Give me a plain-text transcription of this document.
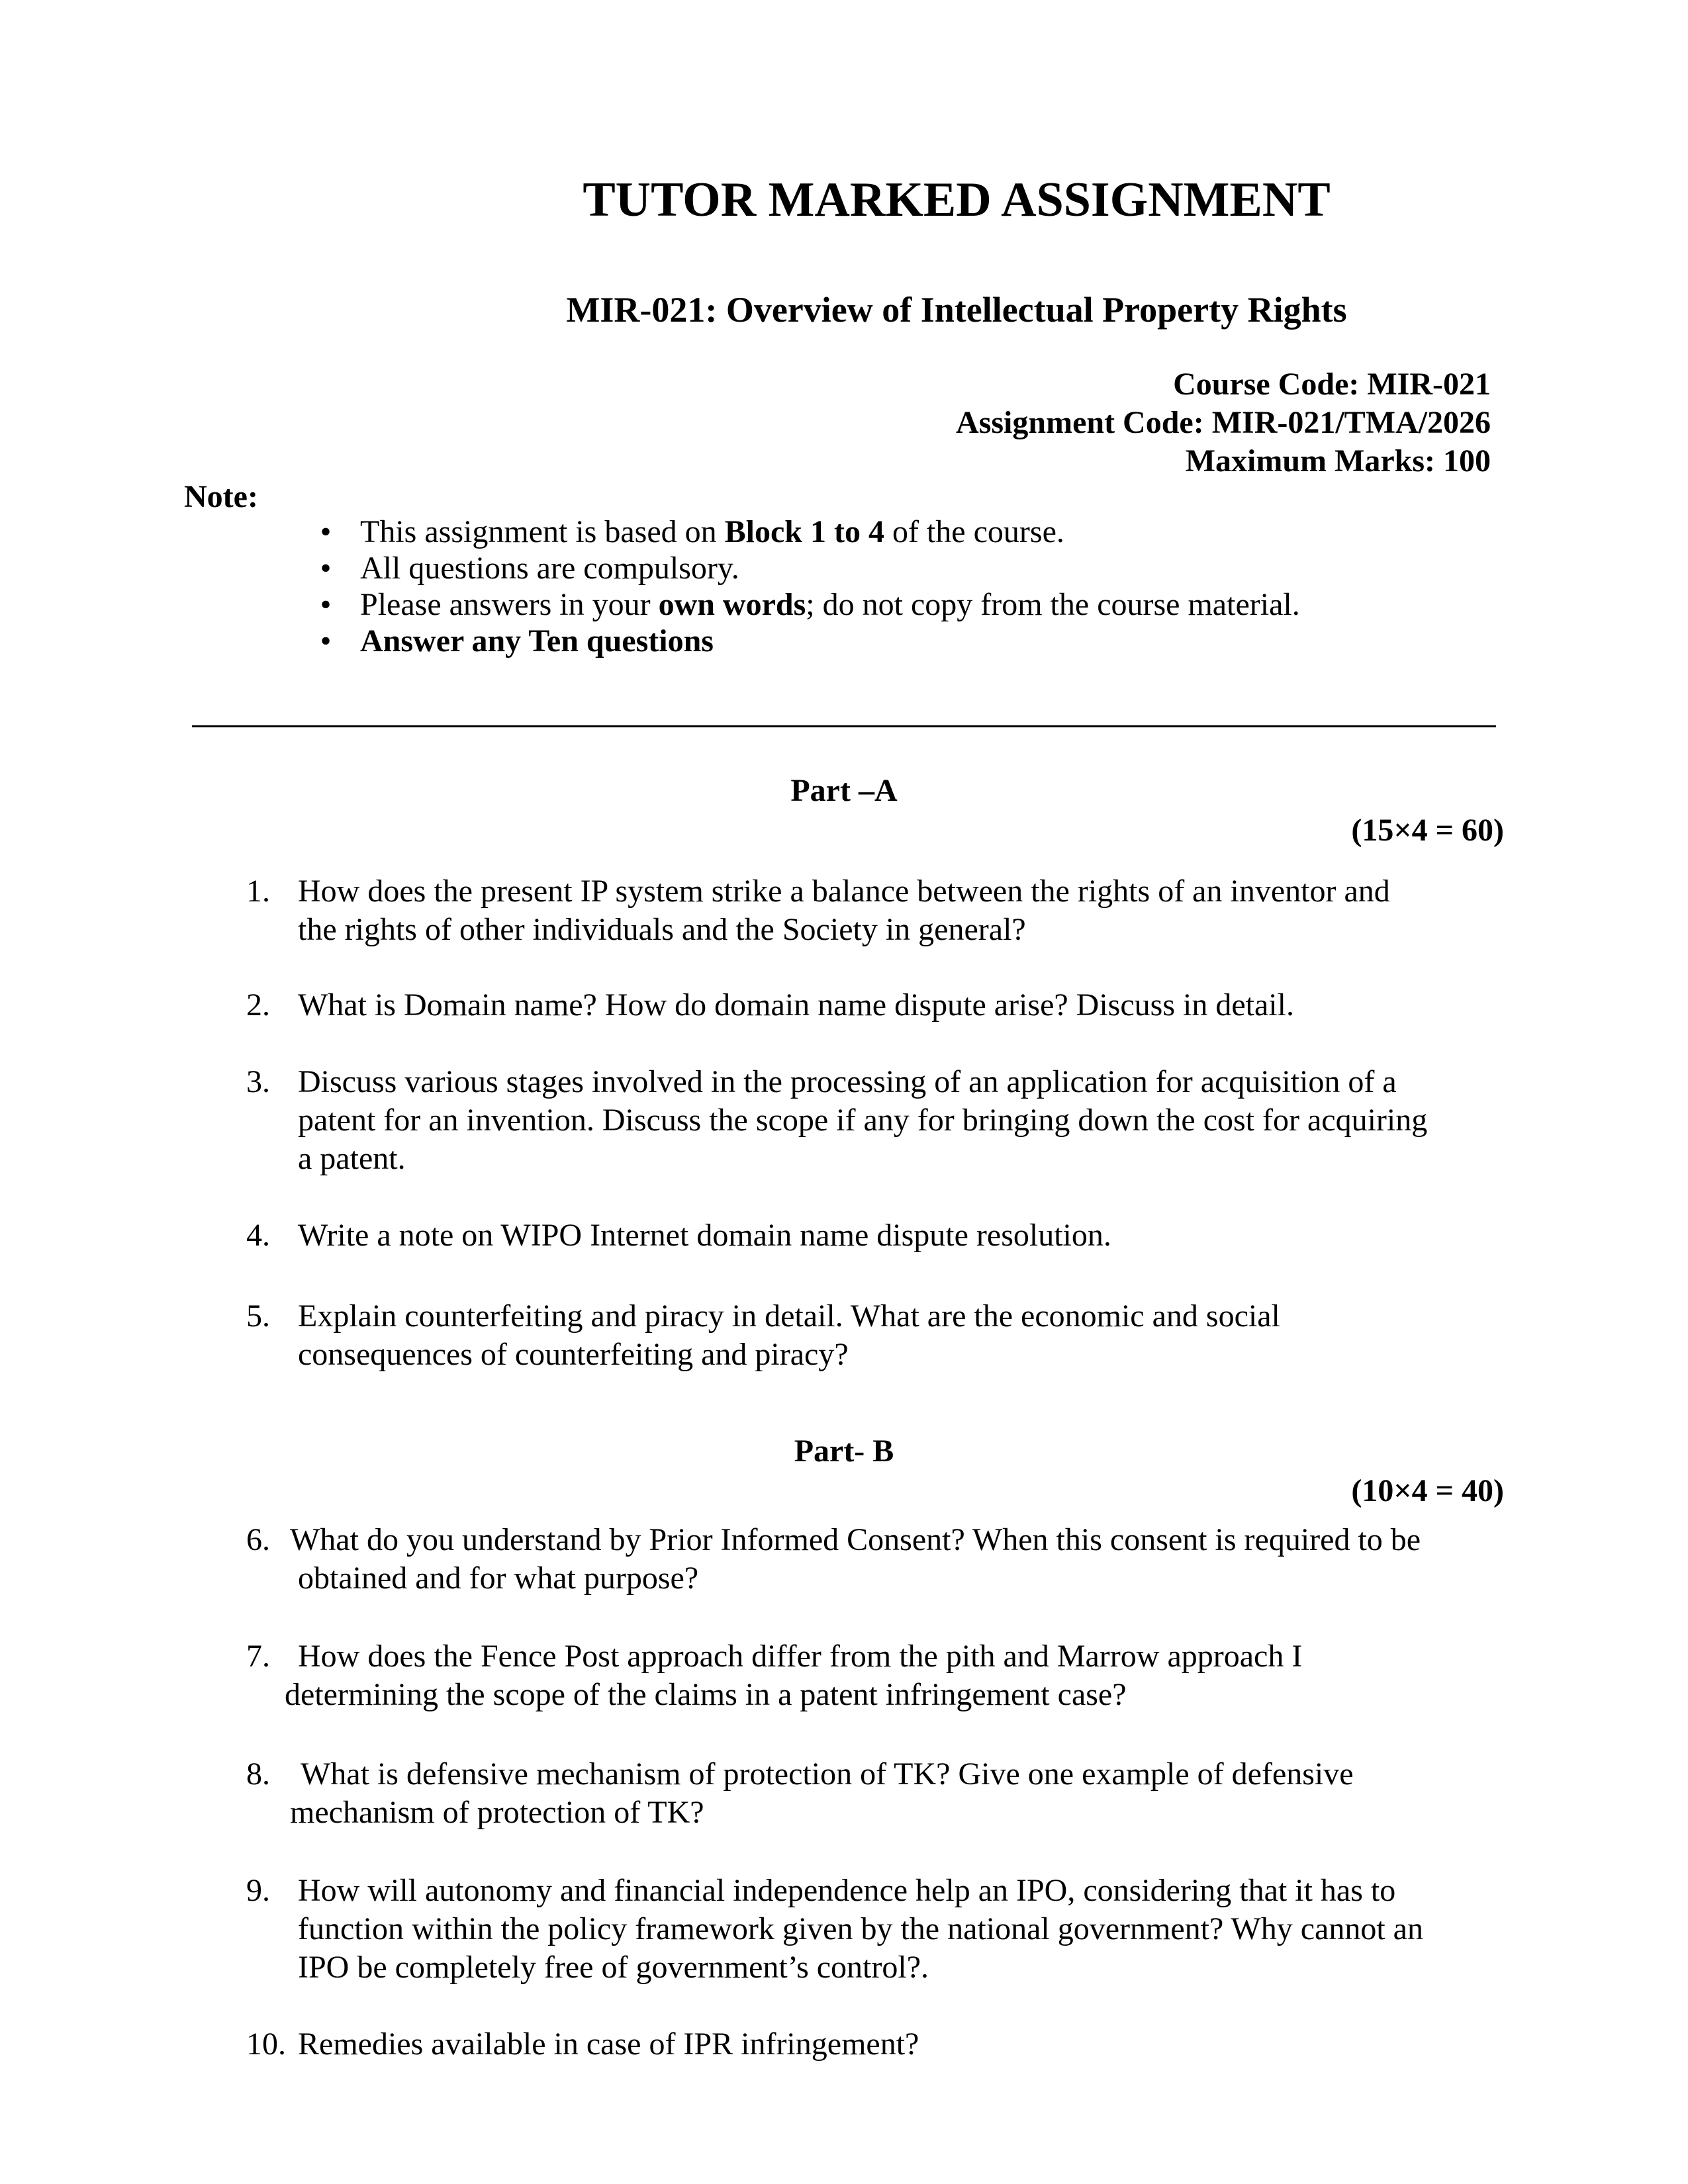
TUTOR MARKED ASSIGNMENT
MIR-021: Overview of Intellectual Property Rights
Course Code: MIR-021
Assignment Code: MIR-021/TMA/2026
Maximum Marks: 100
Note:
• This assignment is based on Block 1 to 4 of the course.
• All questions are compulsory.
• Please answers in your own words; do not copy from the course material.
• Answer any Ten questions
Part –A
(15×4 = 60)
1. How does the present IP system strike a balance between the rights of an inventor and
the rights of other individuals and the Society in general?
2. What is Domain name? How do domain name dispute arise? Discuss in detail.
3. Discuss various stages involved in the processing of an application for acquisition of a
patent for an invention. Discuss the scope if any for bringing down the cost for acquiring
a patent.
4. Write a note on WIPO Internet domain name dispute resolution.
5. Explain counterfeiting and piracy in detail. What are the economic and social
consequences of counterfeiting and piracy?
Part- B
(10×4 = 40)
6. What do you understand by Prior Informed Consent? When this consent is required to be
obtained and for what purpose?
7. How does the Fence Post approach differ from the pith and Marrow approach I
determining the scope of the claims in a patent infringement case?
8. What is defensive mechanism of protection of TK? Give one example of defensive
mechanism of protection of TK?
9. How will autonomy and financial independence help an IPO, considering that it has to
function within the policy framework given by the national government? Why cannot an
IPO be completely free of government’s control?.
10. Remedies available in case of IPR infringement?
